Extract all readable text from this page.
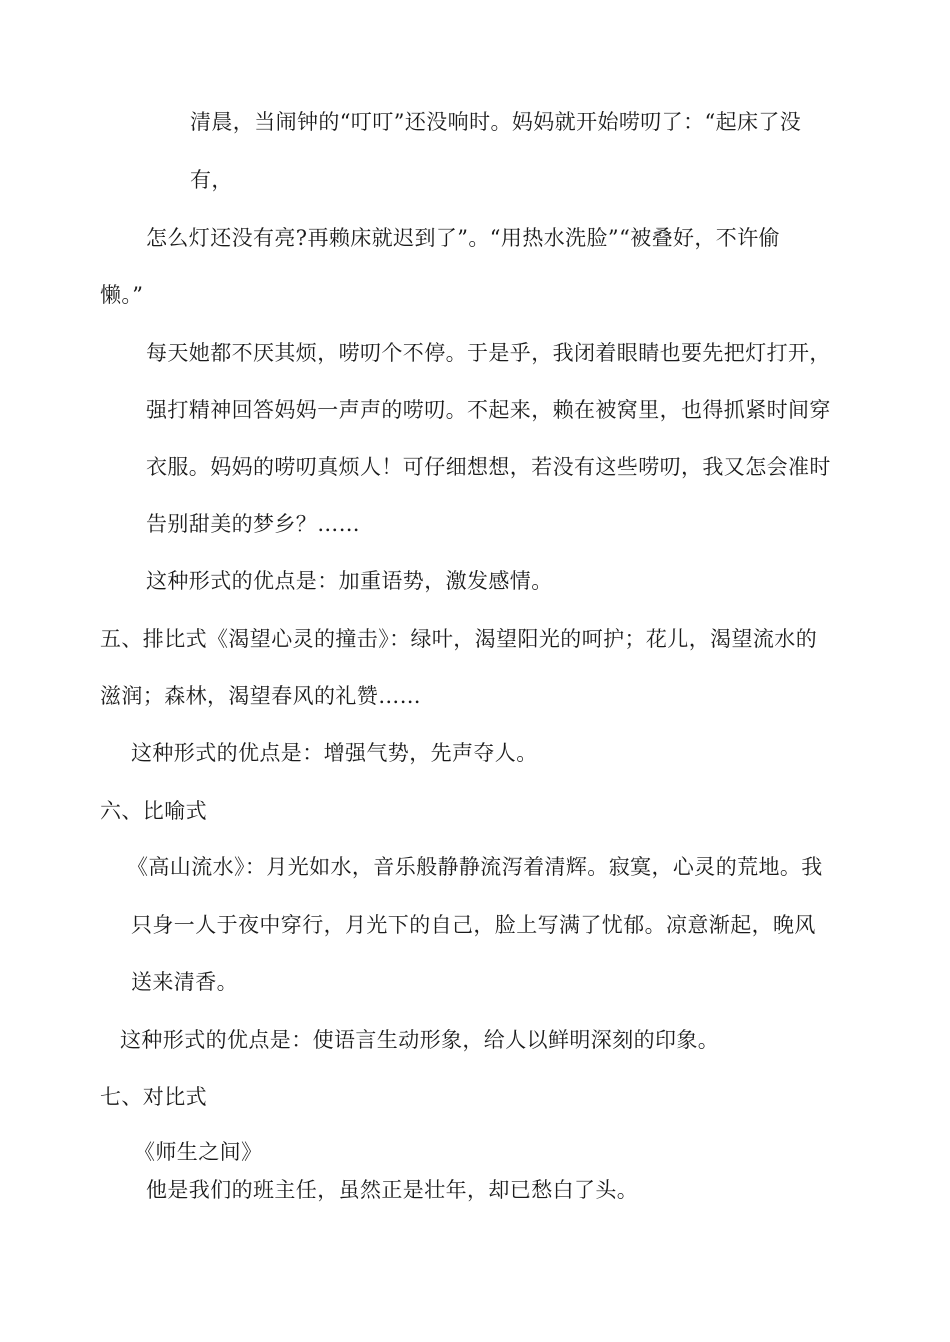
清晨，当闹钟的“叮叮”还没响时。妈妈就开始唠叨了：“起床了没
有，
怎么灯还没有亮?再赖床就迟到了”。“用热水洗脸”“被叠好，不许偷
懒。”
每天她都不厌其烦，唠叨个不停。于是乎，我闭着眼睛也要先把灯打开，
强打精神回答妈妈一声声的唠叨。不起来，赖在被窝里，也得抓紧时间穿
衣服。妈妈的唠叨真烦人！可仔细想想，若没有这些唠叨，我又怎会准时
告别甜美的梦乡？……
这种形式的优点是：加重语势，激发感情。
五、排比式《渴望心灵的撞击》：绿叶，渴望阳光的呵护；花儿，渴望流水的
滋润；森林，渴望春风的礼赞……
这种形式的优点是：增强气势，先声夺人。
六、比喻式
《高山流水》：月光如水，音乐般静静流泻着清辉。寂寞，心灵的荒地。我
只身一人于夜中穿行，月光下的自己，脸上写满了忧郁。凉意渐起，晚风
送来清香。
这种形式的优点是：使语言生动形象，给人以鲜明深刻的印象。
七、对比式
《师生之间》
他是我们的班主任，虽然正是壮年，却已愁白了头。
